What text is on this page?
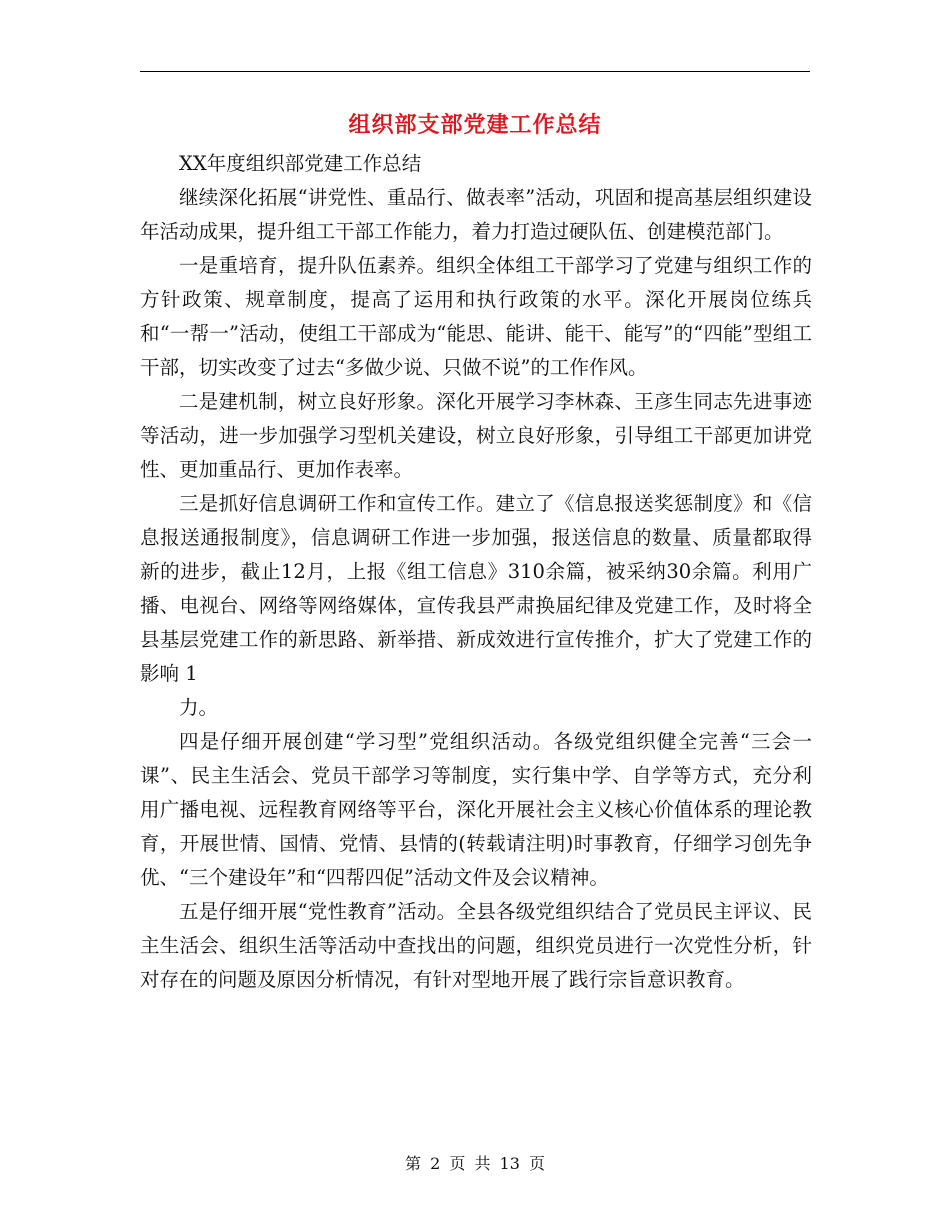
组织部支部党建工作总结

XX年度组织部党建工作总结

继续深化拓展“讲党性、重品行、做表率”活动，巩固和提高基层组织建设年活动成果，提升组工干部工作能力，着力打造过硬队伍、创建模范部门。

一是重培育，提升队伍素养。组织全体组工干部学习了党建与组织工作的方针政策、规章制度，提高了运用和执行政策的水平。深化开展岗位练兵和“一帮一”活动，使组工干部成为“能思、能讲、能干、能写”的“四能”型组工干部，切实改变了过去“多做少说、只做不说”的工作作风。

二是建机制，树立良好形象。深化开展学习李林森、王彦生同志先进事迹等活动，进一步加强学习型机关建设，树立良好形象，引导组工干部更加讲党性、更加重品行、更加作表率。

三是抓好信息调研工作和宣传工作。建立了《信息报送奖惩制度》和《信息报送通报制度》，信息调研工作进一步加强，报送信息的数量、质量都取得新的进步，截止12月，上报《组工信息》310余篇，被采纳30余篇。利用广播、电视台、网络等网络媒体，宣传我县严肃换届纪律及党建工作，及时将全县基层党建工作的新思路、新举措、新成效进行宣传推介，扩大了党建工作的影响 1

力。

四是仔细开展创建“学习型”党组织活动。各级党组织健全完善“三会一课”、民主生活会、党员干部学习等制度，实行集中学、自学等方式，充分利用广播电视、远程教育网络等平台，深化开展社会主义核心价值体系的理论教育，开展世情、国情、党情、县情的(转载请注明)时事教育，仔细学习创先争优、“三个建设年”和“四帮四促”活动文件及会议精神。

五是仔细开展“党性教育”活动。全县各级党组织结合了党员民主评议、民主生活会、组织生活等活动中查找出的问题，组织党员进行一次党性分析，针对存在的问题及原因分析情况，有针对型地开展了践行宗旨意识教育。

第 2 页 共 13 页
